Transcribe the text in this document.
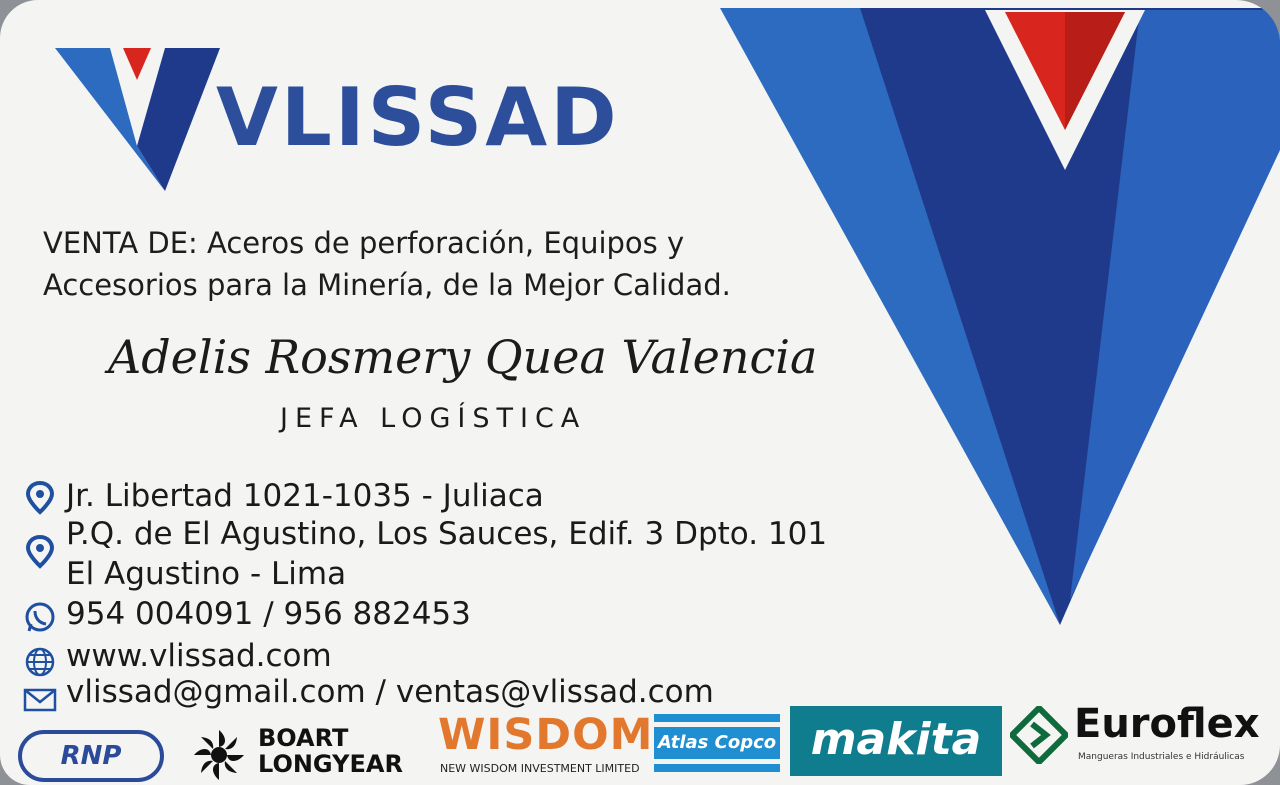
VLISSAD
VENTA DE: Aceros de perforación, Equipos y
Accesorios para la Minería, de la Mejor Calidad.
Adelis Rosmery Quea Valencia
JEFA LOGÍSTICA
Jr. Libertad 1021-1035 - Juliaca
P.Q. de El Agustino, Los Sauces, Edif. 3 Dpto. 101
El Agustino - Lima
954 004091 / 956 882453
www.vlissad.com
vlissad@gmail.com / ventas@vlissad.com
RNP
BOART
LONGYEAR
WISDOM
NEW WISDOM INVESTMENT LIMITED
Atlas Copco makita	Euroflex
Mangueras Industriales e Hidráulicas
